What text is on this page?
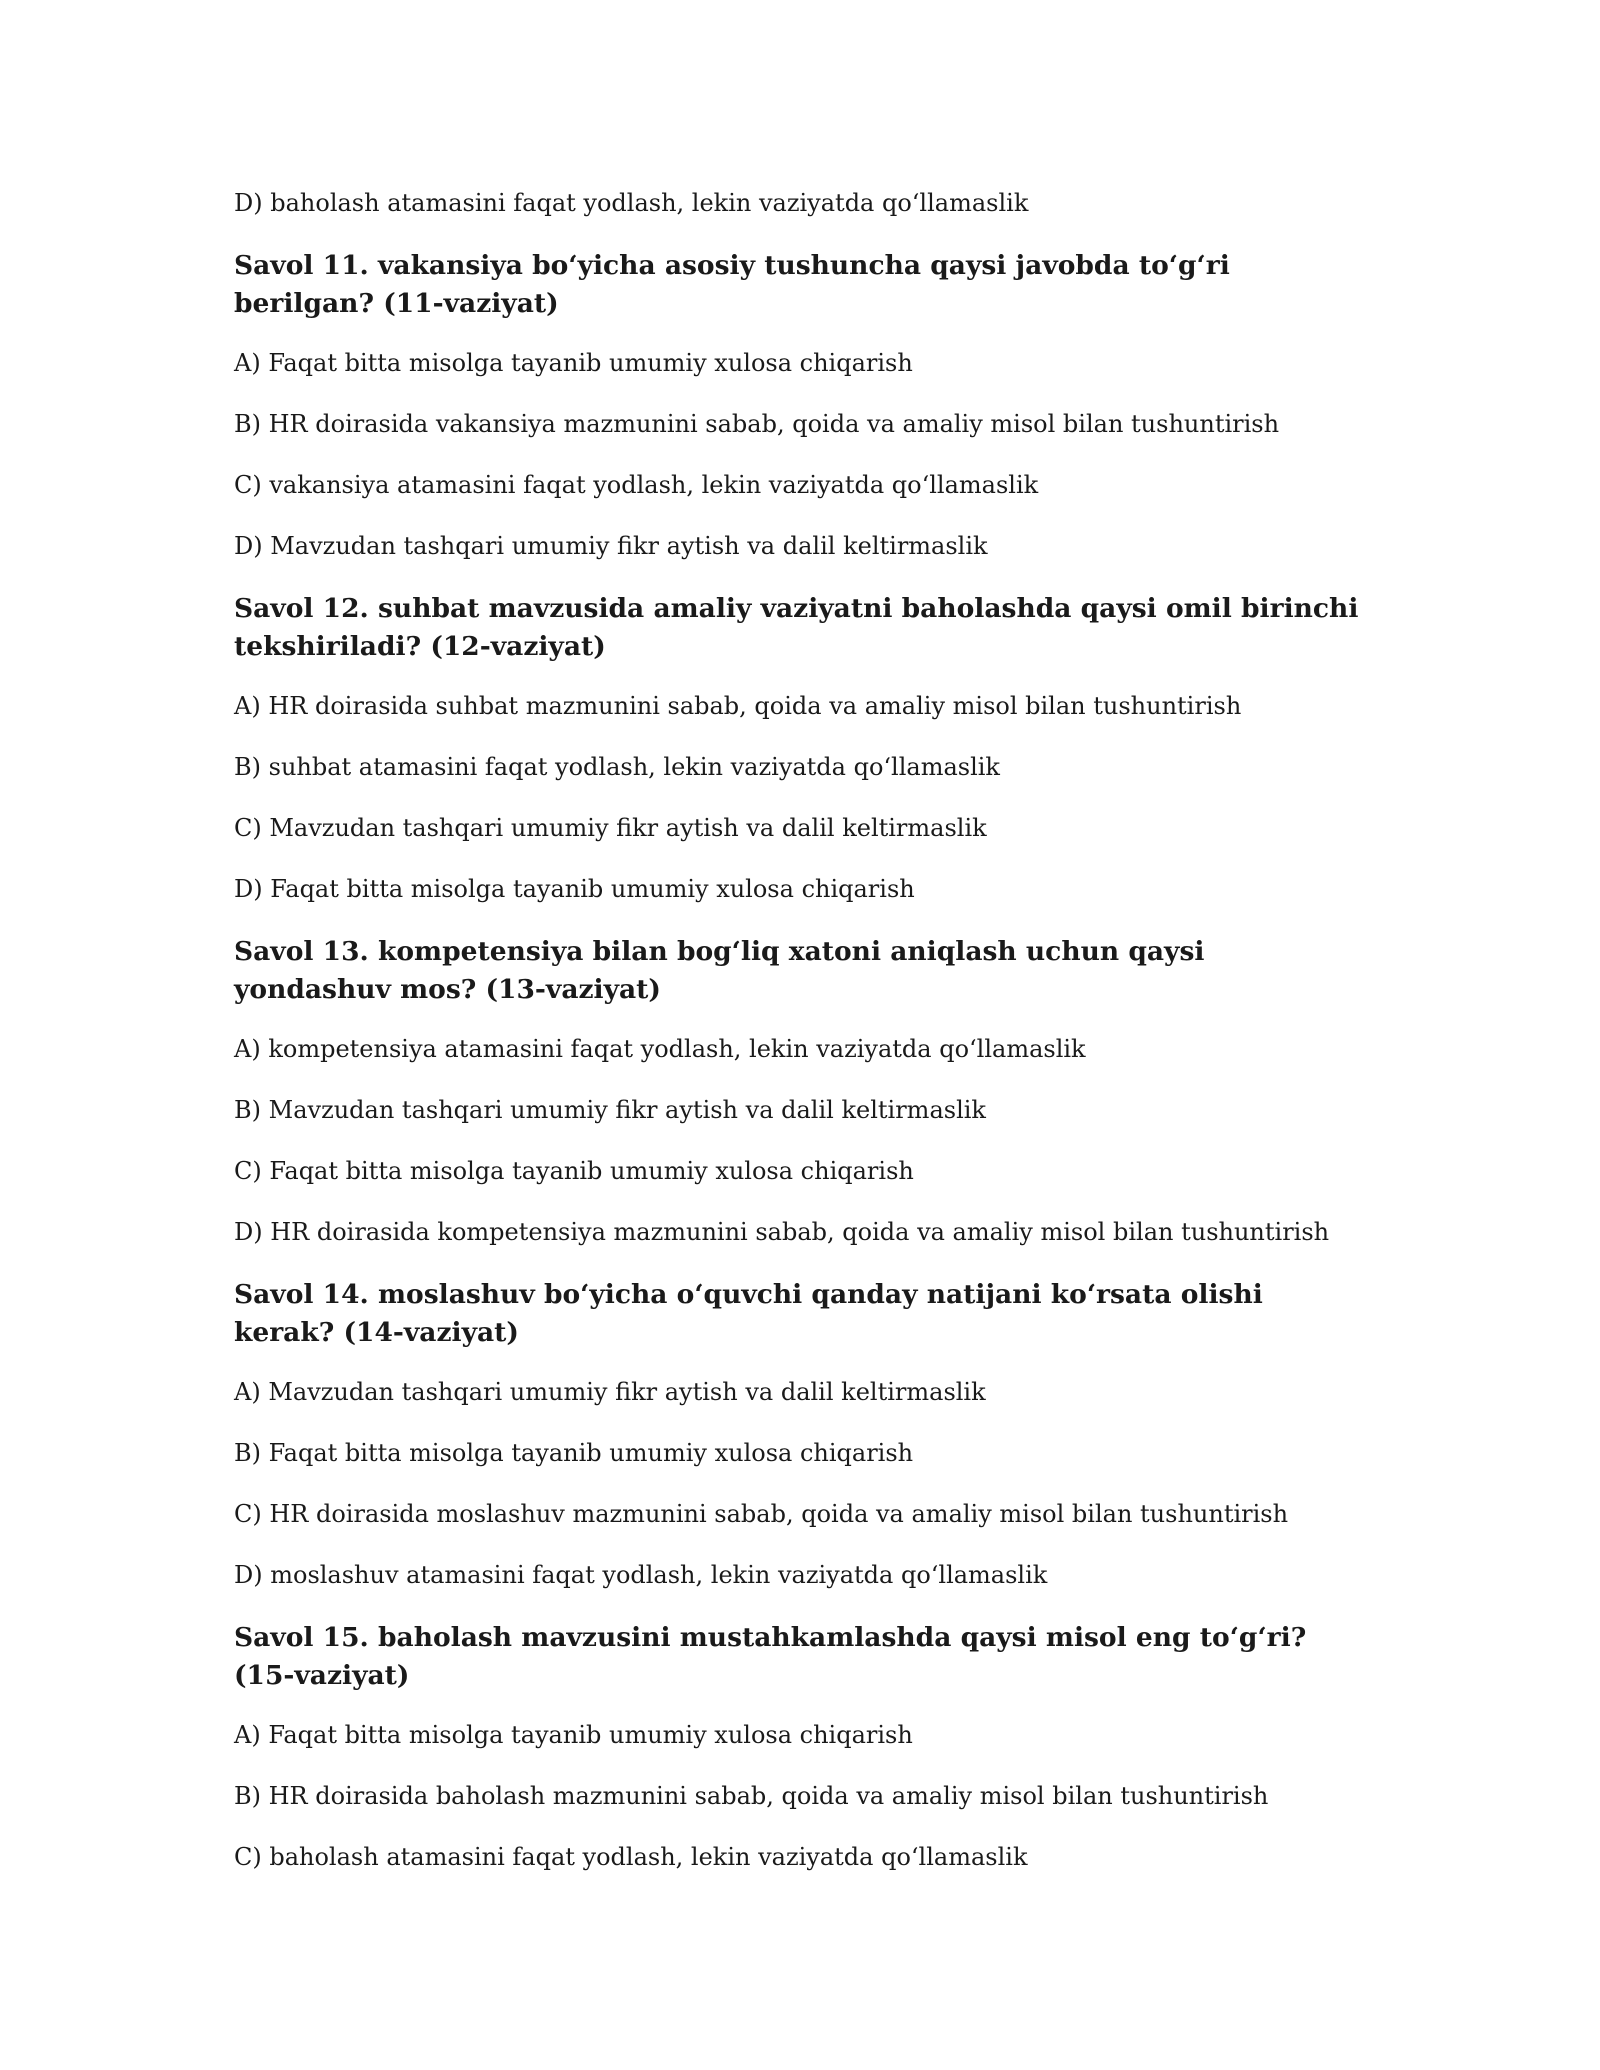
D) baholash atamasini faqat yodlash, lekin vaziyatda qo‘llamaslik

Savol 11. vakansiya bo‘yicha asosiy tushuncha qaysi javobda to‘g‘ri berilgan? (11-vaziyat)

A) Faqat bitta misolga tayanib umumiy xulosa chiqarish

B) HR doirasida vakansiya mazmunini sabab, qoida va amaliy misol bilan tushuntirish

C) vakansiya atamasini faqat yodlash, lekin vaziyatda qo‘llamaslik

D) Mavzudan tashqari umumiy fikr aytish va dalil keltirmaslik

Savol 12. suhbat mavzusida amaliy vaziyatni baholashda qaysi omil birinchi tekshiriladi? (12-vaziyat)

A) HR doirasida suhbat mazmunini sabab, qoida va amaliy misol bilan tushuntirish

B) suhbat atamasini faqat yodlash, lekin vaziyatda qo‘llamaslik

C) Mavzudan tashqari umumiy fikr aytish va dalil keltirmaslik

D) Faqat bitta misolga tayanib umumiy xulosa chiqarish

Savol 13. kompetensiya bilan bog‘liq xatoni aniqlash uchun qaysi yondashuv mos? (13-vaziyat)

A) kompetensiya atamasini faqat yodlash, lekin vaziyatda qo‘llamaslik

B) Mavzudan tashqari umumiy fikr aytish va dalil keltirmaslik

C) Faqat bitta misolga tayanib umumiy xulosa chiqarish

D) HR doirasida kompetensiya mazmunini sabab, qoida va amaliy misol bilan tushuntirish

Savol 14. moslashuv bo‘yicha o‘quvchi qanday natijani ko‘rsata olishi kerak? (14-vaziyat)

A) Mavzudan tashqari umumiy fikr aytish va dalil keltirmaslik

B) Faqat bitta misolga tayanib umumiy xulosa chiqarish

C) HR doirasida moslashuv mazmunini sabab, qoida va amaliy misol bilan tushuntirish

D) moslashuv atamasini faqat yodlash, lekin vaziyatda qo‘llamaslik

Savol 15. baholash mavzusini mustahkamlashda qaysi misol eng to‘g‘ri? (15-vaziyat)

A) Faqat bitta misolga tayanib umumiy xulosa chiqarish

B) HR doirasida baholash mazmunini sabab, qoida va amaliy misol bilan tushuntirish

C) baholash atamasini faqat yodlash, lekin vaziyatda qo‘llamaslik
